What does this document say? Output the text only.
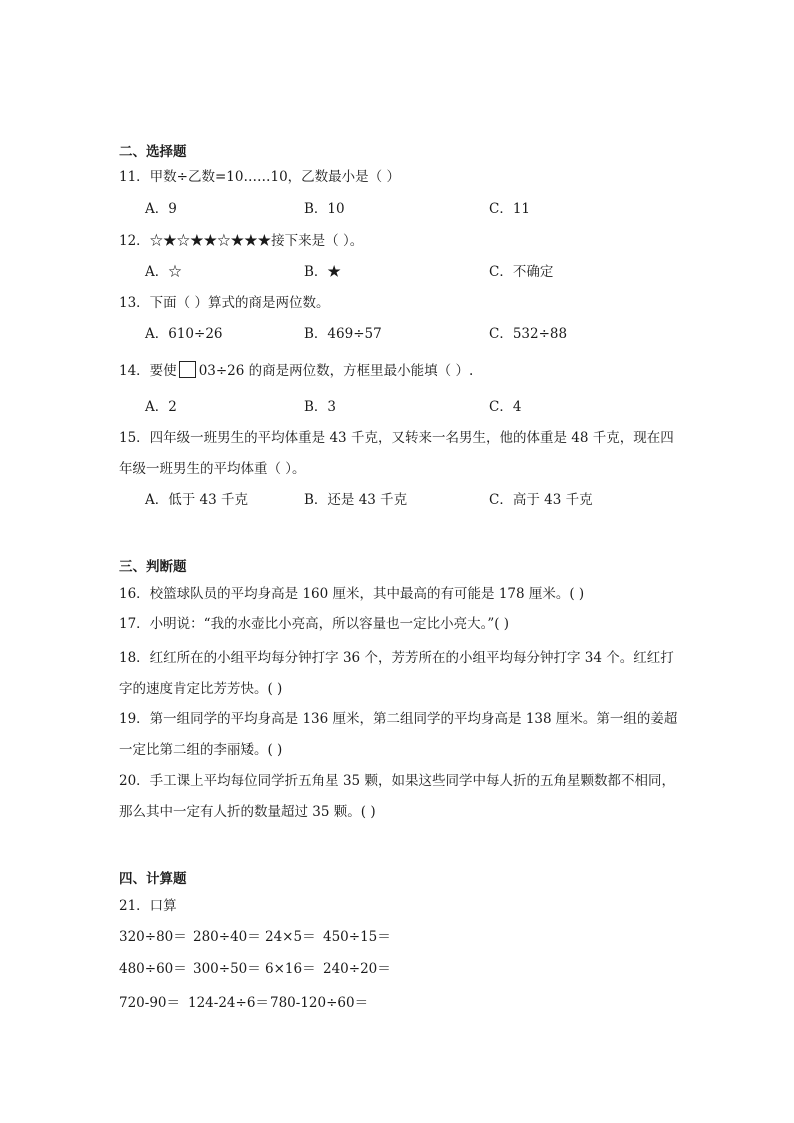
二、选择题
11．甲数÷乙数=10……10，乙数最小是（ ）
A．9	B．10	C．11
12．☆★☆★★☆★★★接下来是（ ）。
A．☆	B．★	C．不确定
13．下面（ ）算式的商是两位数。
A．610÷26	B．469÷57	C．532÷88
14．要使 03÷26 的商是两位数，方框里最小能填（ ）.
A．2	B．3	C．4
15．四年级一班男生的平均体重是 43 千克，又转来一名男生，他的体重是 48 千克，现在四
年级一班男生的平均体重（ ）。
A．低于 43 千克	B．还是 43 千克	C．高于 43 千克
三、判断题
16．校篮球队员的平均身高是 160 厘米，其中最高的有可能是 178 厘米。( )
17．小明说：“我的水壶比小亮高，所以容量也一定比小亮大。”( )
18．红红所在的小组平均每分钟打字 36 个，芳芳所在的小组平均每分钟打字 34 个。红红打
字的速度肯定比芳芳快。( )
19．第一组同学的平均身高是 136 厘米，第二组同学的平均身高是 138 厘米。第一组的姜超
一定比第二组的李丽矮。( )
20．手工课上平均每位同学折五角星 35 颗，如果这些同学中每人折的五角星颗数都不相同，
那么其中一定有人折的数量超过 35 颗。( )
四、计算题
21．口算
320÷80＝ 280÷40＝ 24×5＝ 450÷15＝
480÷60＝ 300÷50＝ 6×16＝ 240÷20＝
720-90＝ 124-24÷6＝ 780-120÷60＝
